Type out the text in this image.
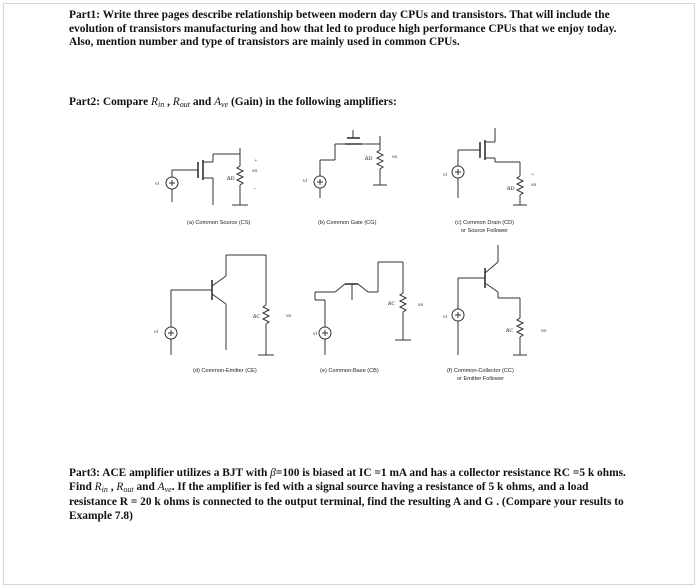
Part1: Write three pages describe relationship between modern day CPUs and transistors. That will include the evolution of transistors manufacturing and how that led to produce high performance CPUs that we enjoy today. Also, mention number and type of transistors are mainly used in common CPUs.

Part2: Compare $R_{in}$ , $R_{out}$ and $A_{ve}$ (Gain) in the following amplifiers:

vi
RD
vo
+
-
(a) Common Source (CS)
vi
RD	vo
(b) Common Gate (CG)
vi
RD
vo
+
(c) Common Drain (CD)
or Source Follower
vi
RC	vo
(d) Common-Emitter (CE)
vi
RC	vo
(e) Common-Base (CB)
vi
RC	vo
(f) Common-Collector (CC)
or Emitter Follower

Part3: ACE amplifier utilizes a BJT with β=100 is biased at IC =1 mA and has a collector resistance RC =5 k ohms.
Find $R_{in}$ , $R_{out}$ and $A_{ve}$. If the amplifier is fed with a signal source having a resistance of 5 k ohms, and a load resistance R = 20 k ohms is connected to the output terminal, find the resulting A and G . (Compare your results to Example 7.8)
